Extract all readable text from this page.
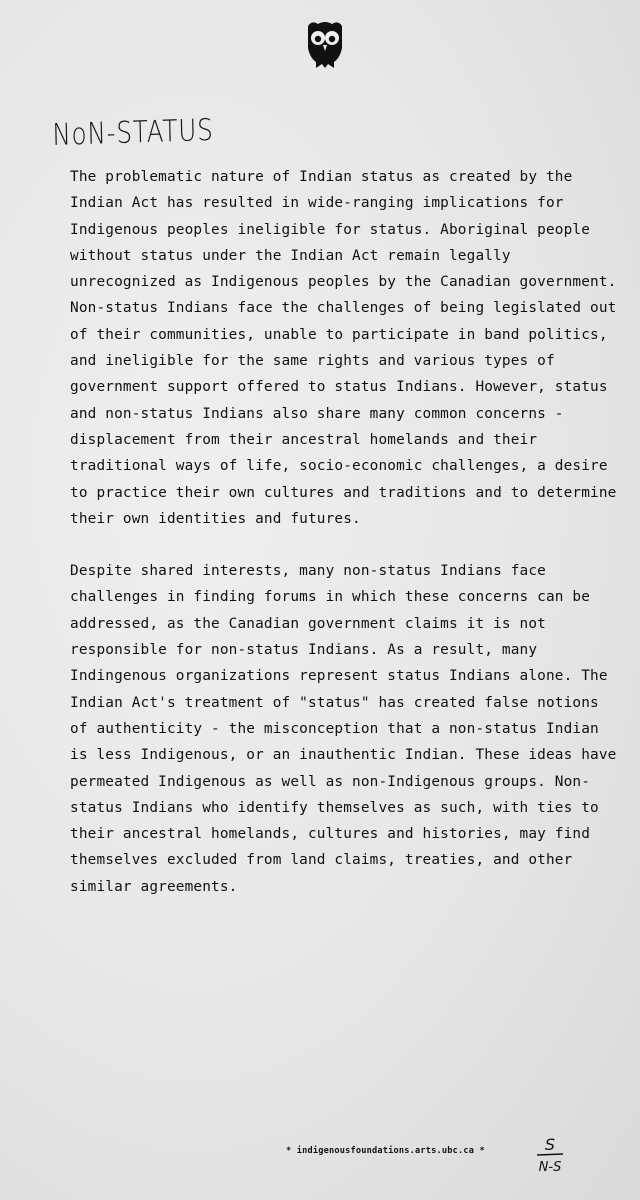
NoN-STATUS

The problematic nature of Indian status as created by the Indian Act has resulted in wide-ranging implications for Indigenous peoples ineligible for status. Aboriginal people without status under the Indian Act remain legally unrecognized as Indigenous peoples by the Canadian government. Non-status Indians face the challenges of being legislated out of their communities, unable to participate in band politics, and ineligible for the same rights and various types of government support offered to status Indians. However, status and non-status Indians also share many common concerns - displacement from their ancestral homelands and their traditional ways of life, socio-economic challenges, a desire to practice their own cultures and traditions and to determine their own identities and futures.

Despite shared interests, many non-status Indians face challenges in finding forums in which these concerns can be addressed, as the Canadian government claims it is not responsible for non-status Indians. As a result, many Indingenous organizations represent status Indians alone. The Indian Act's treatment of "status" has created false notions of authenticity - the misconception that a non-status Indian is less Indigenous, or an inauthentic Indian. These ideas have permeated Indigenous as well as non-Indigenous groups. Non-status Indians who identify themselves as such, with ties to their ancestral homelands, cultures and histories, may find themselves excluded from land claims, treaties, and other similar agreements.

* indigenousfoundations.arts.ubc.ca *	S
N-S
